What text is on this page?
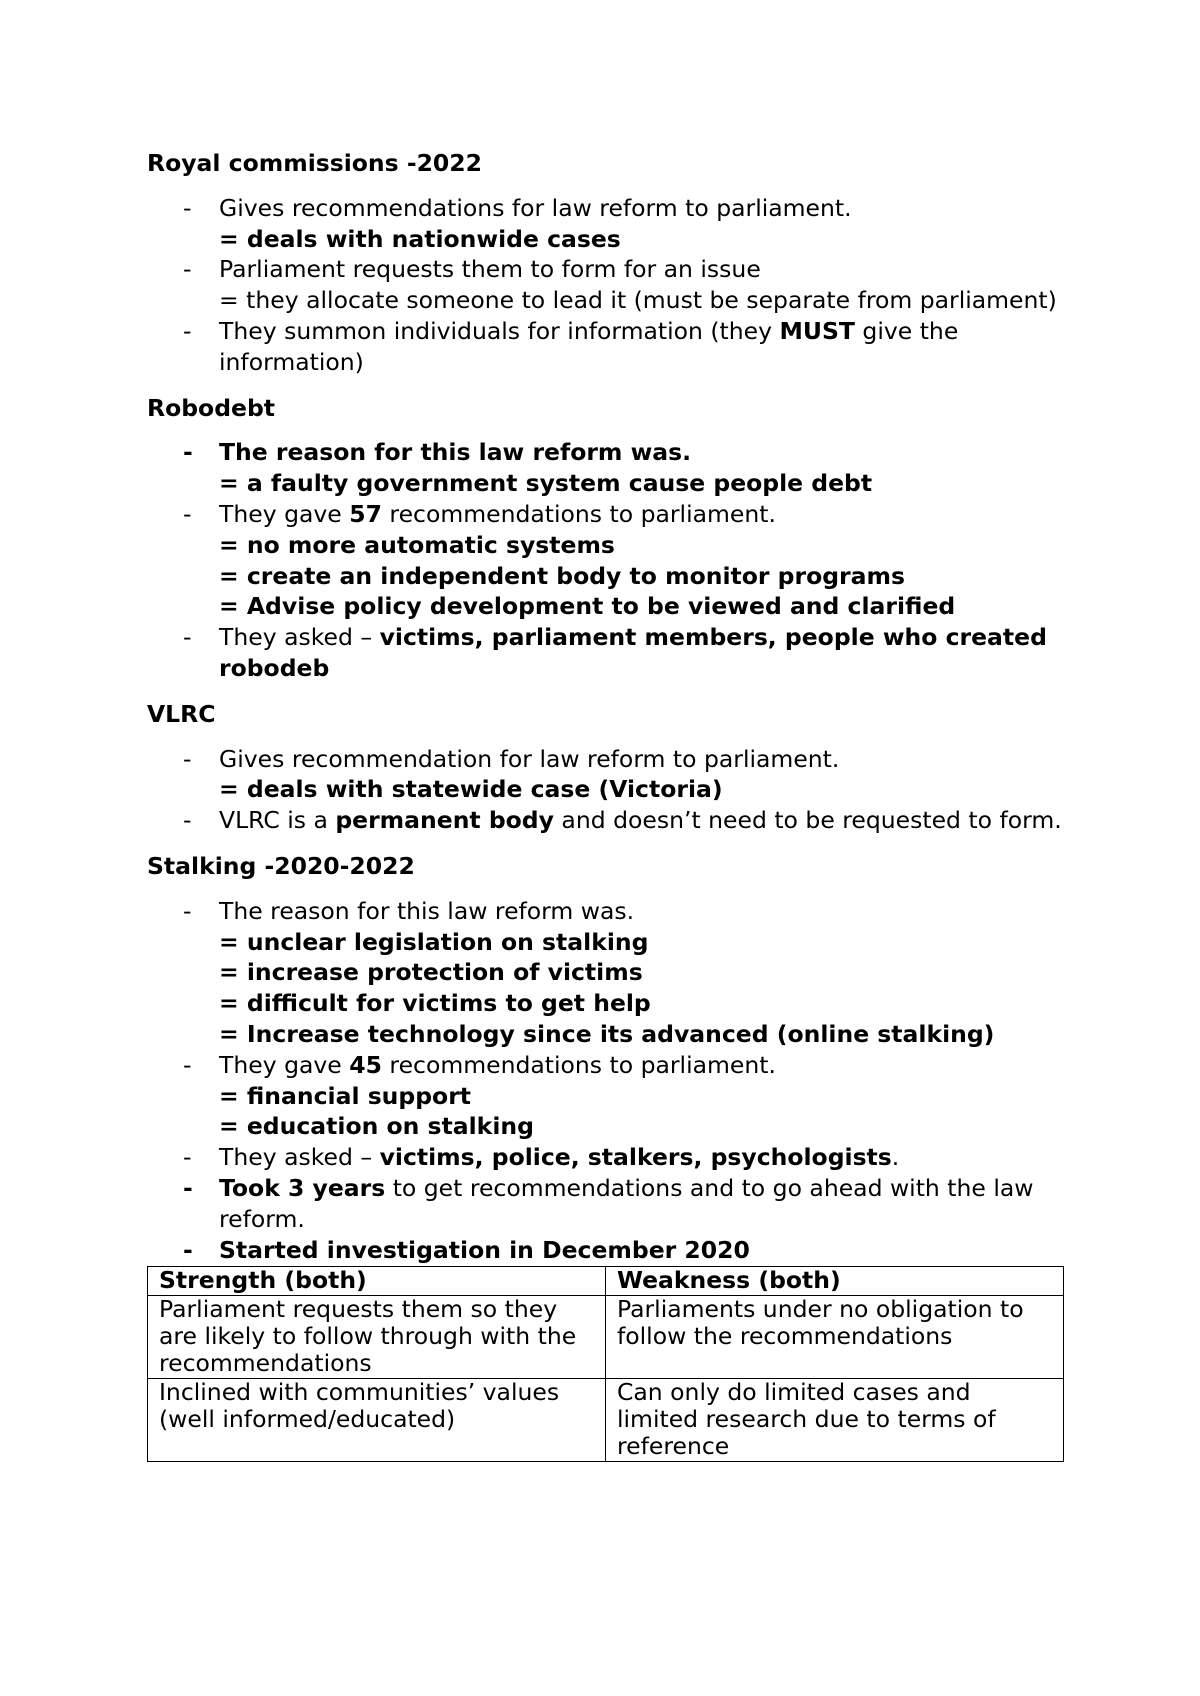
Royal commissions -2022
- Gives recommendations for law reform to parliament.
= deals with nationwide cases
- Parliament requests them to form for an issue
= they allocate someone to lead it (must be separate from parliament)
- They summon individuals for information (they MUST give the information)
Robodebt
- The reason for this law reform was.
= a faulty government system cause people debt
- They gave 57 recommendations to parliament.
= no more automatic systems
= create an independent body to monitor programs
= Advise policy development to be viewed and clarified
- They asked – victims, parliament members, people who created robodeb
VLRC
- Gives recommendation for law reform to parliament.
= deals with statewide case (Victoria)
- VLRC is a permanent body and doesn’t need to be requested to form.
Stalking -2020-2022
- The reason for this law reform was.
= unclear legislation on stalking
= increase protection of victims
= difficult for victims to get help
= Increase technology since its advanced (online stalking)
- They gave 45 recommendations to parliament.
= financial support
= education on stalking
- They asked – victims, police, stalkers, psychologists.
- Took 3 years to get recommendations and to go ahead with the law reform.
- Started investigation in December 2020
Strength (both)	Weakness (both)
Parliament requests them so they are likely to follow through with the recommendations	Parliaments under no obligation to follow the recommendations
Inclined with communities’ values (well informed/educated)	Can only do limited cases and limited research due to terms of reference
